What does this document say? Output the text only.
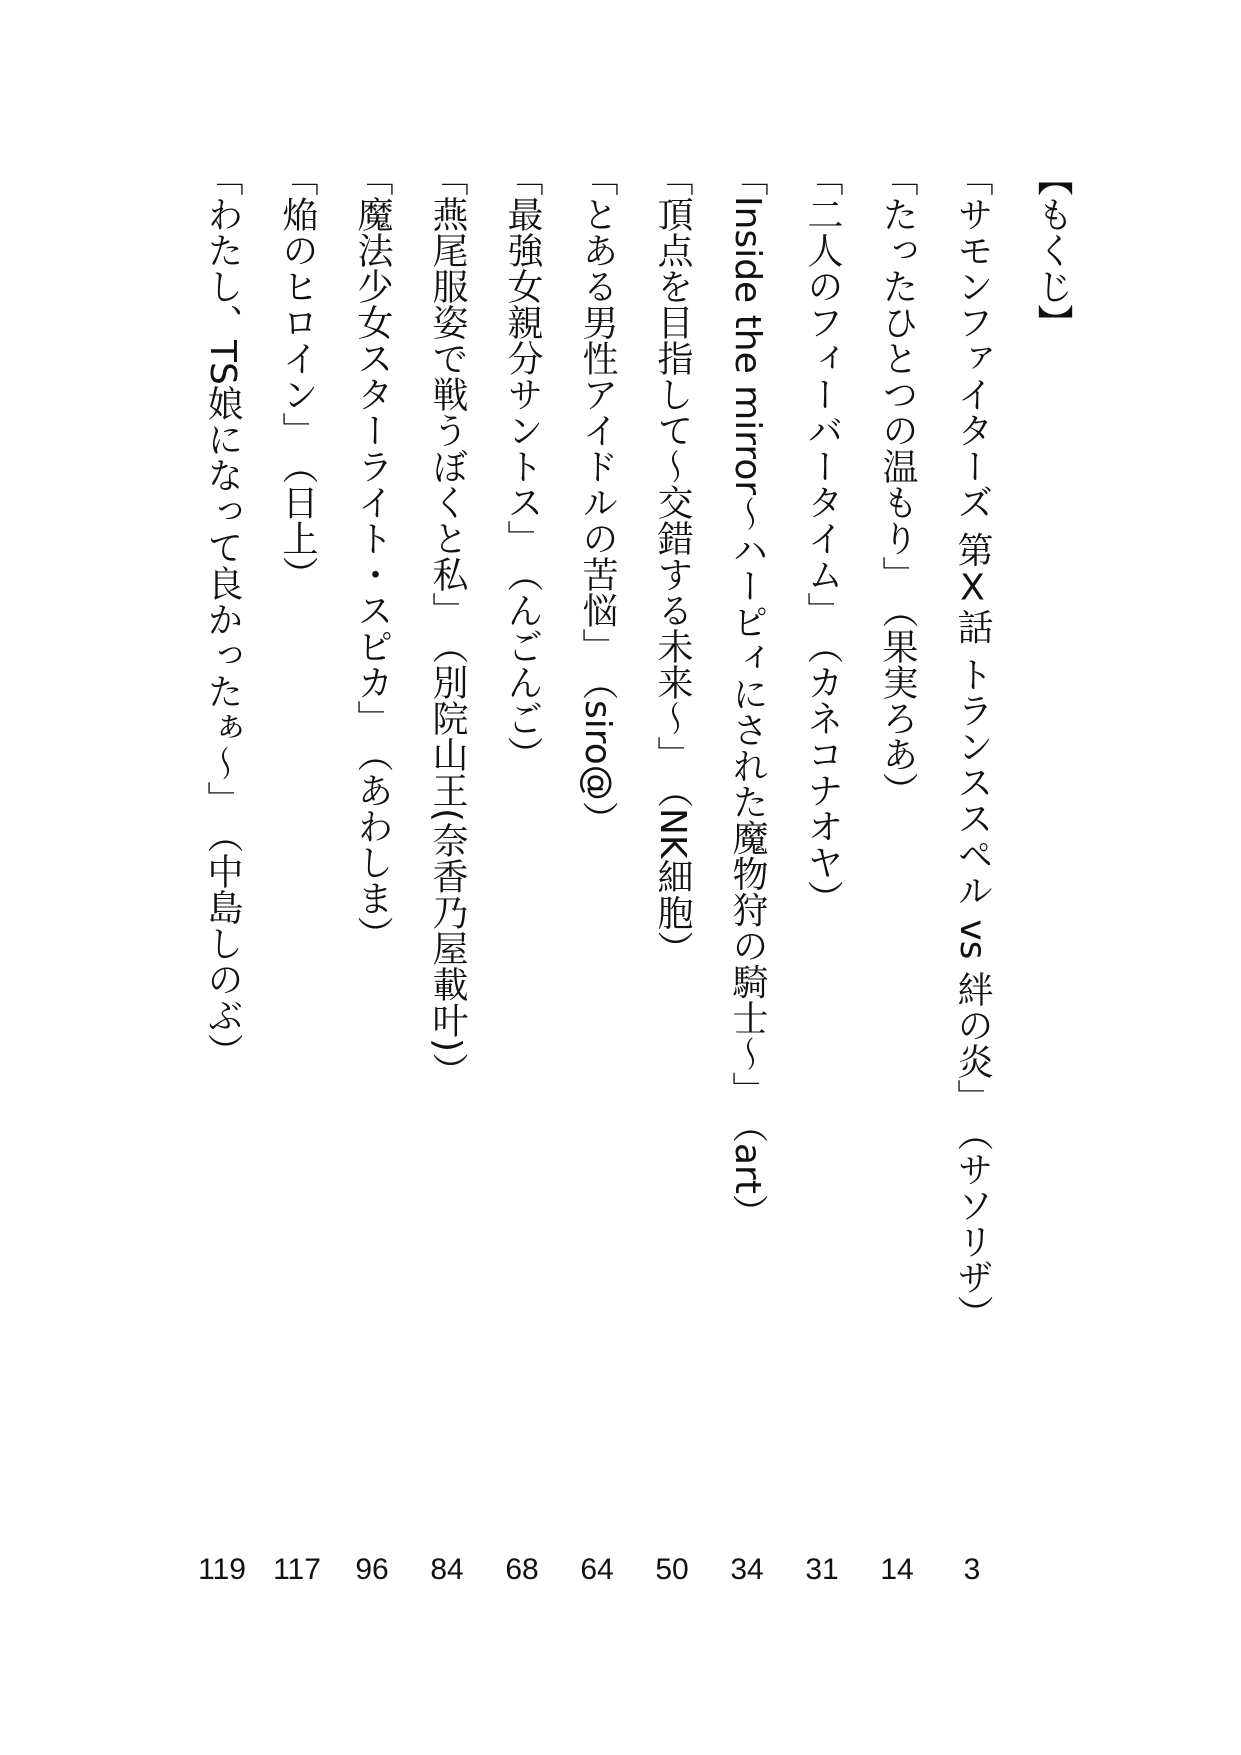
【もくじ】
「サモンファイターズ 第Ⅹ話 トランススペル vs 絆の炎」
（サソリザ）
3
「たったひとつの温もり」
（果実ろあ）
14
「二人のフィーバータイム」
（カネコナオヤ）
31
「Inside the mirror～ハーピィにされた魔物狩の騎士～」
（art）
34
「頂点を目指して～交錯する未来～」
（NK細胞）
50
「とある男性アイドルの苦悩」
（siro@）
64
「最強女親分サントス」
（んごんご）
68
「燕尾服姿で戦うぼくと私」
（別院山王(奈香乃屋載叶)）
84
「魔法少女スターライト・スピカ」
（あわしま）
96
「焔のヒロイン」
（日上）
117
「わたし、TS娘になって良かったぁ～」
（中島しのぶ）
119
